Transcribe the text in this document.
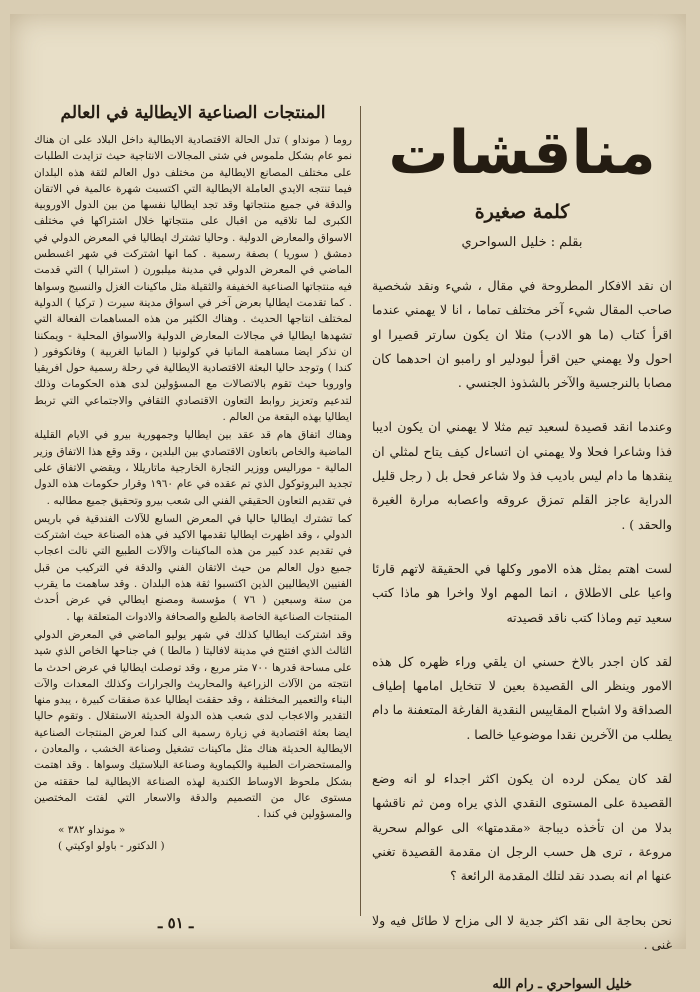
مناقشات
كلمة صغيرة
بقلم : خليل السواحري

ان نقد الافكار المطروحة في مقال ، شيء ونقد شخصية صاحب المقال شيء آخر مختلف تماما ، انا لا يهمني عندما اقرأ كتاب (ما هو الادب) مثلا ان يكون سارتر قصيرا او احول ولا يهمني حين اقرأ لبودلير او رامبو ان احدهما كان مصابا بالنرجسية والآخر بالشذوذ الجنسي .

وعندما انقد قصيدة لسعيد تيم مثلا لا يهمني ان يكون اديبا فذا وشاعرا فحلا ولا يهمني ان اتساءل كيف يتاح لمثلي ان ينقدها ما دام ليس باديب فذ ولا شاعر فحل بل ( رجل قليل الدراية عاجز القلم تمزق عروقه واعصابه مرارة الغيرة والحقد ) .

لست اهتم بمثل هذه الامور وكلها في الحقيقة لاتهم قارئا واعيا على الاطلاق ، انما المهم اولا واخرا هو ماذا كتب سعيد تيم وماذا كتب ناقد قصيدته

لقد كان اجدر بالاخ حسني ان يلقي وراء ظهره كل هذه الامور وينظر الى القصيدة بعين لا تتخايل امامها إطياف الصداقة ولا اشباح المقاييس النقدية الفارغة المتعفنة ما دام يطلب من الآخرين نقدا موضوعيا خالصا .

لقد كان يمكن لرده ان يكون اكثر اجداء لو انه وضع القصيدة على المستوى النقدي الذي يراه ومن ثم ناقشها بدلا من ان تأخذه ديباجة «مقدمتها» الى عوالم سحرية مروعة ، ترى هل حسب الرجل ان مقدمة القصيدة تغني عنها ام انه بصدد نقد لتلك المقدمة الرائعة ؟

نحن بحاجة الى نقد اكثر جدية لا الى مزاح لا طائل فيه ولا غنى .

خليل السواحري ـ رام الله
المنتجات الصناعية الايطالية في العالم

روما ( مونداو ) تدل الحالة الاقتصادية الايطالية داخل البلاد على ان هناك نمو عام بشكل ملموس في شتى المجالات الانتاجية حيث تزايدت الطلبات على مختلف المصانع الايطالية من مختلف دول العالم لثقة هذه البلدان فيما تنتجه الايدي العاملة الايطالية التي اكتسبت شهرة عالمية في الاتقان والدقة في جميع منتجاتها وقد تجد ايطاليا نفسها من بين الدول الاوروبية الكبرى لما تلاقيه من اقبال على منتجاتها خلال اشتراكها في مختلف الاسواق والمعارض الدولية . وحاليا تشترك ايطاليا في المعرض الدولي في دمشق ( سوريا ) بصفة رسمية . كما انها اشتركت في شهر اغسطس الماضي في المعرض الدولي في مدينة ميلبورن ( استراليا ) التي قدمت فيه منتجاتها الصناعية الخفيفة والثقيلة مثل ماكينات الغزل والنسيج وسواها . كما تقدمت ايطاليا بعرض آخر في اسواق مدينة سيرت ( تركيا ) الدولية لمختلف انتاجها الحديث . وهناك الكثير من هذه المساهمات الفعالة التي تشهدها ايطاليا في مجالات المعارض الدولية والاسواق المحلية - ويمكننا ان نذكر ايضا مساهمة المانيا في كولونيا ( المانيا الغربية ) وفانكوفور ( كندا ) وتوجد حاليا البعثة الاقتصادية الايطالية في رحلة رسمية حول افريقيا واوروبا حيث تقوم بالاتصالات مع المسؤولين لدى هذه الحكومات وذلك لتدعيم وتعزيز روابط التعاون الاقتصادي الثقافي والاجتماعي التي تربط ايطاليا بهذه البقعة من العالم .

وهناك اتفاق هام قد عقد بين ايطاليا وجمهورية بيرو في الايام القليلة الماضية والخاص باتعاون الاقتصادي بين البلدين ، وقد وقع هذا الاتفاق وزير المالية - موراليس ووزير التجارة الخارجية ماتاريللا ، ويقضي الاتفاق على تجديد البروتوكول الذي تم عقده في عام ١٩٦٠ وقرار حكومات هذه الدول في تقديم التعاون الحقيقي الفني الى شعب بيرو وتحقيق جميع مطالبه .

كما تشترك ايطاليا حاليا في المعرض السابع للآلات الفندقية في باريس الدولي ، وقد اظهرت ايطاليا تقدمها الاكيد في هذه الصناعة حيث اشتركت في تقديم عدد كبير من هذه الماكينات والآلات الطبيع التي نالت اعجاب جميع دول العالم من حيث الاتقان الفني والدقة في التركيب من قبل الفنيين الايطاليين الذين اكتسبوا ثقة هذه البلدان . وقد ساهمت ما يقرب من ستة وسبعين ( ٧٦ ) مؤسسة ومصنع ايطالي في عرض أحدث المنتجات الصناعية الخاصة بالطبع والصحافة والادوات المتعلقة بها .

وقد اشتركت ايطاليا كذلك في شهر يوليو الماضي في المعرض الدولي الثالث الذي افتتح في مدينة لافاليتا ( مالطا ) في جناحها الخاص الذي شيد على مساحة قدرها ٧٠٠ متر مربع ، وقد توصلت ايطاليا في عرض احدث ما انتجته من الآلات الزراعية والمحاريث والجرارات وكذلك المعدات والآت البناء والتعمير المختلفة ، وقد حققت ايطاليا عدة صفقات كبيرة ، يبدو منها التقدير والاعجاب لدى شعب هذه الدولة الحديثة الاستقلال . وتقوم حاليا ايضا بعثة اقتصادية في زيارة رسمية الى كندا لعرض المنتجات الصناعية الايطالية الحديثة هناك مثل ماكينات تشغيل وصناعة الخشب ، والمعادن ، والمستحضرات الطبية والكيماوية وصناعة البلاستيك وسواها . وقد اهتمت بشكل ملحوظ الاوساط الكندية لهذه الصناعة الايطالية لما حققته من مستوى عال من التصميم والدقة والاسعار التي لفتت المختصين والمسؤولين في كندا .

« مونداو ٣٨٢ »
( الدكتور - باولو اوكيتي )
ـ ٥١ ـ
